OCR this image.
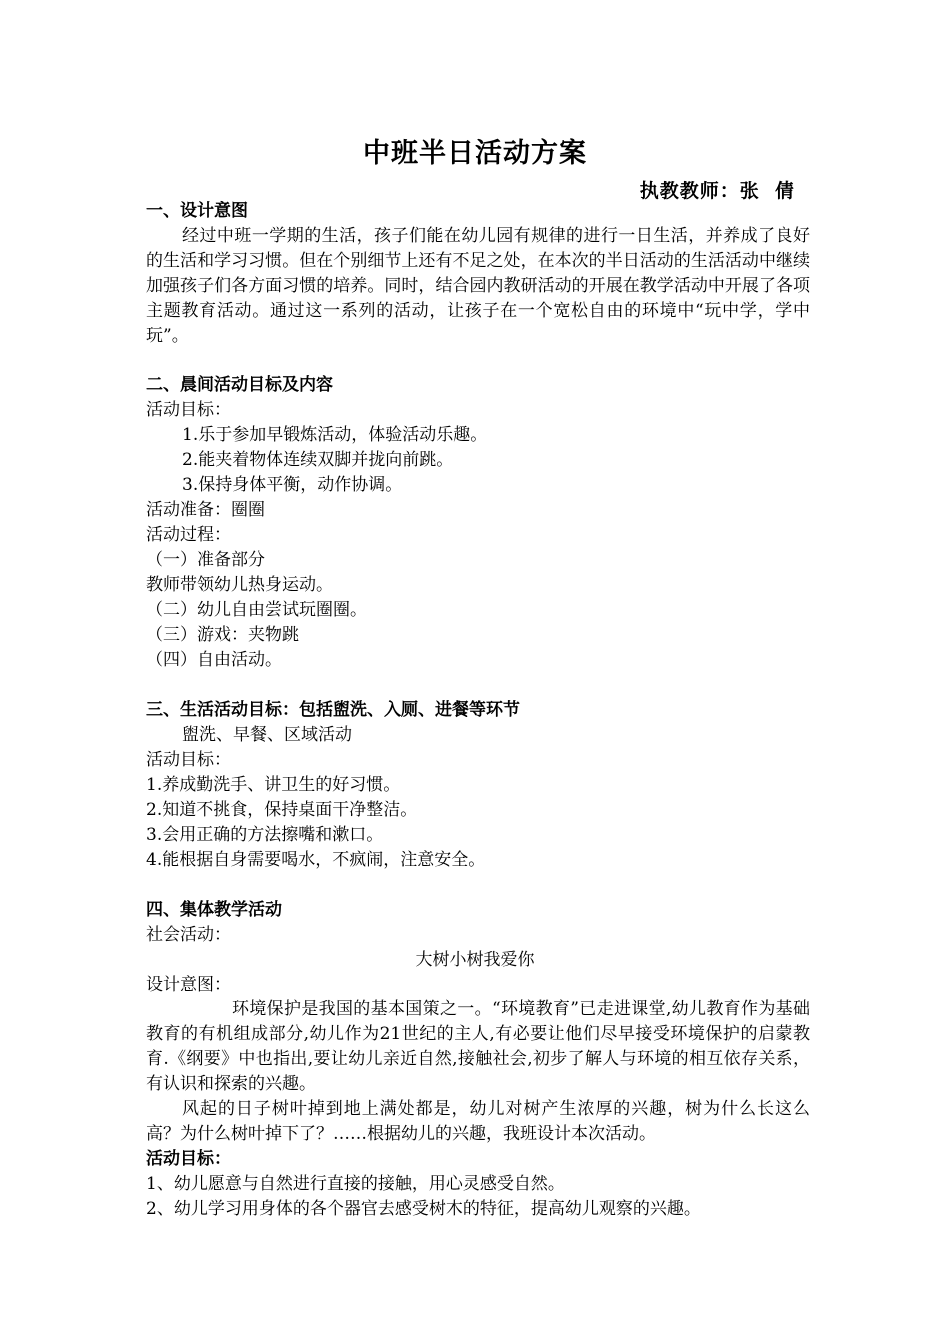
中班半日活动方案
执教教师：张  倩
一、设计意图
经过中班一学期的生活，孩子们能在幼儿园有规律的进行一日生活，并养成了良好的生活和学习习惯。但在个别细节上还有不足之处，在本次的半日活动的生活活动中继续加强孩子们各方面习惯的培养。同时，结合园内教研活动的开展在教学活动中开展了各项主题教育活动。通过这一系列的活动，让孩子在一个宽松自由的环境中“玩中学，学中玩”。
二、晨间活动目标及内容
活动目标：
1.乐于参加早锻炼活动，体验活动乐趣。
2.能夹着物体连续双脚并拢向前跳。
3.保持身体平衡，动作协调。
活动准备：圈圈
活动过程：
（一）准备部分
教师带领幼儿热身运动。
（二）幼儿自由尝试玩圈圈。
（三）游戏：夹物跳
（四）自由活动。
三、生活活动目标：包括盥洗、入厕、进餐等环节
盥洗、早餐、区域活动
活动目标：
1.养成勤洗手、讲卫生的好习惯。
2.知道不挑食，保持桌面干净整洁。
3.会用正确的方法擦嘴和漱口。
4.能根据自身需要喝水，不疯闹，注意安全。
四、集体教学活动
社会活动：
大树小树我爱你
设计意图：
环境保护是我国的基本国策之一。“环境教育”已走进课堂,幼儿教育作为基础教育的有机组成部分,幼儿作为21世纪的主人,有必要让他们尽早接受环境保护的启蒙教育.《纲要》中也指出,要让幼儿亲近自然,接触社会,初步了解人与环境的相互依存关系，有认识和探索的兴趣。
风起的日子树叶掉到地上满处都是，幼儿对树产生浓厚的兴趣，树为什么长这么高？为什么树叶掉下了？……根据幼儿的兴趣，我班设计本次活动。
活动目标：
1、幼儿愿意与自然进行直接的接触，用心灵感受自然。
2、幼儿学习用身体的各个器官去感受树木的特征，提高幼儿观察的兴趣。
